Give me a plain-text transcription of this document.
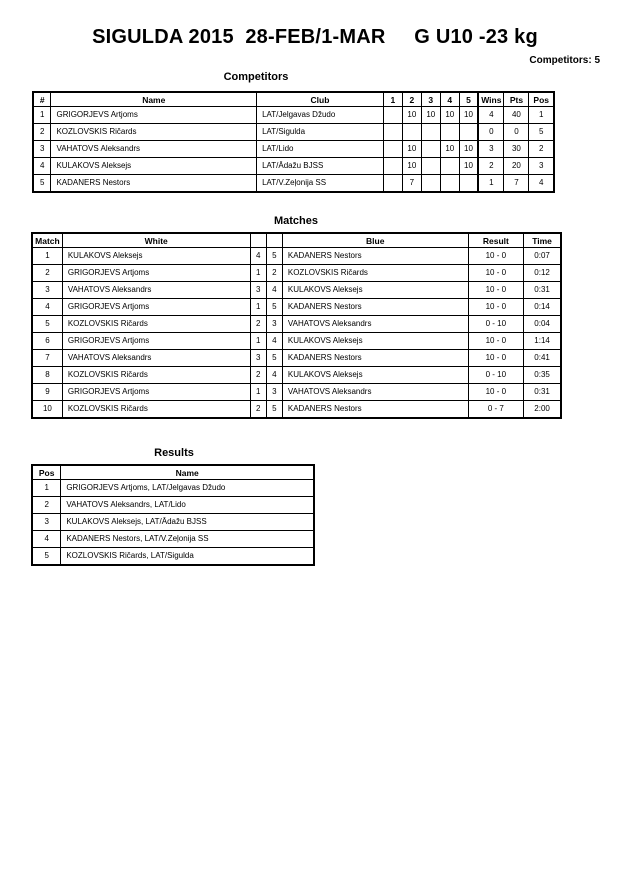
SIGULDA 2015  28-FEB/1-MAR     G U10 -23 kg
Competitors: 5
Competitors
#	Name	Club	1	2	3	4	5	Wins	Pts	Pos
1	GRIGORJEVS Artjoms	LAT/Jelgavas Džudo		10	10	10	10	4	40	1
2	KOZLOVSKIS Ričards	LAT/Sigulda						0	0	5
3	VAHATOVS Aleksandrs	LAT/Lido		10		10	10	3	30	2
4	KULAKOVS Aleksejs	LAT/Ādažu BJSS		10			10	2	20	3
5	KADANERS Nestors	LAT/V.Zeļonija SS		7				1	7	4
Matches
Match	White			Blue	Result	Time
1	KULAKOVS Aleksejs	4	5	KADANERS Nestors	10 - 0	0:07
2	GRIGORJEVS Artjoms	1	2	KOZLOVSKIS Ričards	10 - 0	0:12
3	VAHATOVS Aleksandrs	3	4	KULAKOVS Aleksejs	10 - 0	0:31
4	GRIGORJEVS Artjoms	1	5	KADANERS Nestors	10 - 0	0:14
5	KOZLOVSKIS Ričards	2	3	VAHATOVS Aleksandrs	0 - 10	0:04
6	GRIGORJEVS Artjoms	1	4	KULAKOVS Aleksejs	10 - 0	1:14
7	VAHATOVS Aleksandrs	3	5	KADANERS Nestors	10 - 0	0:41
8	KOZLOVSKIS Ričards	2	4	KULAKOVS Aleksejs	0 - 10	0:35
9	GRIGORJEVS Artjoms	1	3	VAHATOVS Aleksandrs	10 - 0	0:31
10	KOZLOVSKIS Ričards	2	5	KADANERS Nestors	0 - 7	2:00
Results
Pos	Name
1	GRIGORJEVS Artjoms, LAT/Jelgavas Džudo
2	VAHATOVS Aleksandrs, LAT/Lido
3	KULAKOVS Aleksejs, LAT/Ādažu BJSS
4	KADANERS Nestors, LAT/V.Zeļonija SS
5	KOZLOVSKIS Ričards, LAT/Sigulda
